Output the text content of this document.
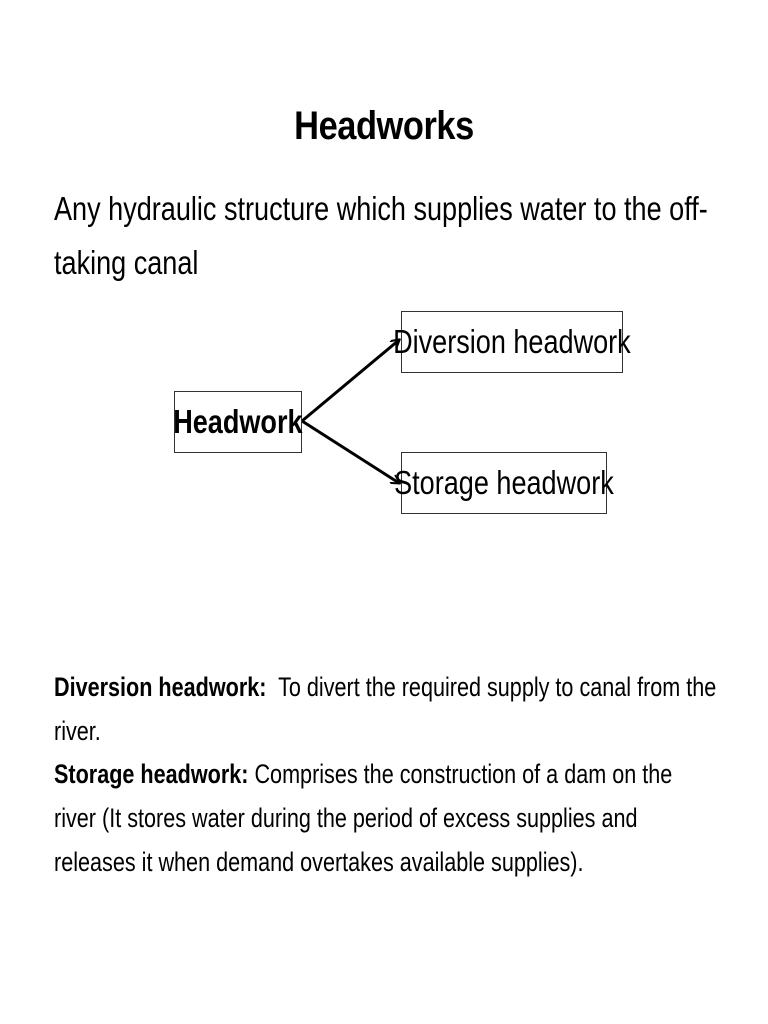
Headworks
Any hydraulic structure which supplies water to the off-taking canal
Headwork
Diversion headwork
Storage headwork
Diversion headwork:  To divert the required supply to canal from the river.
Storage headwork: Comprises the construction of a dam on the river (It stores water during the period of excess supplies and releases it when demand overtakes available supplies).
